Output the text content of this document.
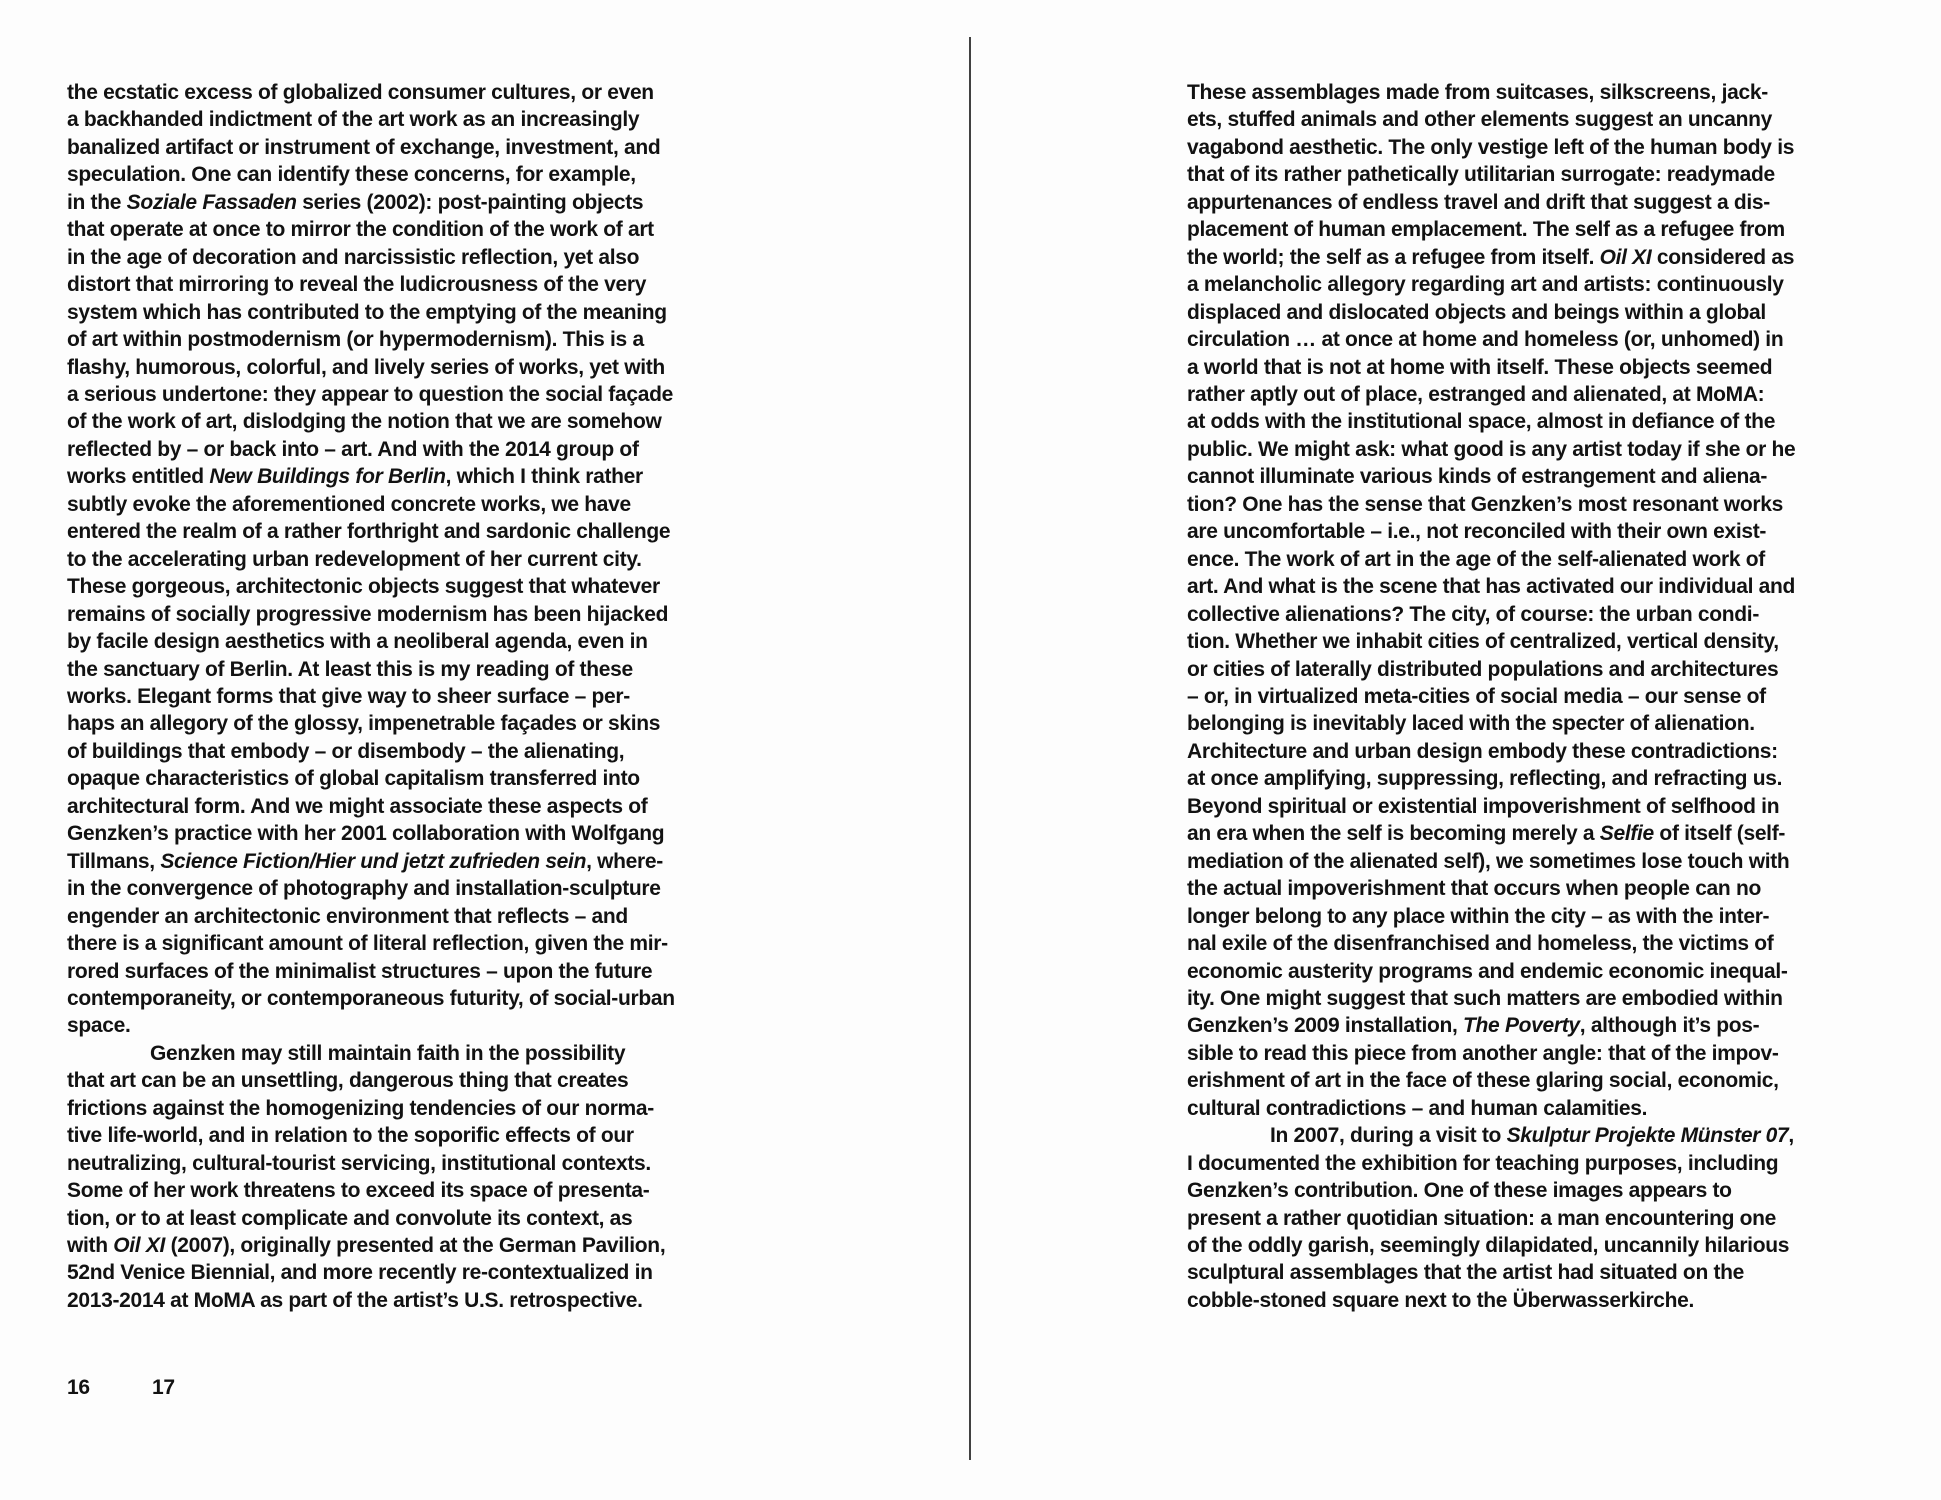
the ecstatic excess of globalized consumer cultures, or even
a backhanded indictment of the art work as an increasingly
banalized artifact or instrument of exchange, investment, and
speculation. One can identify these concerns, for example,
in the Soziale Fassaden series (2002): post-painting objects
that operate at once to mirror the condition of the work of art
in the age of decoration and narcissistic reflection, yet also
distort that mirroring to reveal the ludicrousness of the very
system which has contributed to the emptying of the meaning
of art within postmodernism (or hypermodernism). This is a
flashy, humorous, colorful, and lively series of works, yet with
a serious undertone: they appear to question the social façade
of the work of art, dislodging the notion that we are somehow
reflected by – or back into – art. And with the 2014 group of
works entitled New Buildings for Berlin, which I think rather
subtly evoke the aforementioned concrete works, we have
entered the realm of a rather forthright and sardonic challenge
to the accelerating urban redevelopment of her current city.
These gorgeous, architectonic objects suggest that whatever
remains of socially progressive modernism has been hijacked
by facile design aesthetics with a neoliberal agenda, even in
the sanctuary of Berlin. At least this is my reading of these
works. Elegant forms that give way to sheer surface – per-
haps an allegory of the glossy, impenetrable façades or skins
of buildings that embody – or disembody – the alienating,
opaque characteristics of global capitalism transferred into
architectural form. And we might associate these aspects of
Genzken’s practice with her 2001 collaboration with Wolfgang
Tillmans, Science Fiction/Hier und jetzt zufrieden sein, where-
in the convergence of photography and installation-sculpture
engender an architectonic environment that reflects – and
there is a significant amount of literal reflection, given the mir-
rored surfaces of the minimalist structures – upon the future
contemporaneity, or contemporaneous futurity, of social-urban
space.
Genzken may still maintain faith in the possibility
that art can be an unsettling, dangerous thing that creates
frictions against the homogenizing tendencies of our norma-
tive life-world, and in relation to the soporific effects of our
neutralizing, cultural-tourist servicing, institutional contexts.
Some of her work threatens to exceed its space of presenta-
tion, or to at least complicate and convolute its context, as
with Oil XI (2007), originally presented at the German Pavilion,
52nd Venice Biennial, and more recently re-contextualized in
2013-2014 at MoMA as part of the artist’s U.S. retrospective.
These assemblages made from suitcases, silkscreens, jack-
ets, stuffed animals and other elements suggest an uncanny
vagabond aesthetic. The only vestige left of the human body is
that of its rather pathetically utilitarian surrogate: readymade
appurtenances of endless travel and drift that suggest a dis-
placement of human emplacement. The self as a refugee from
the world; the self as a refugee from itself. Oil XI considered as
a melancholic allegory regarding art and artists: continuously
displaced and dislocated objects and beings within a global
circulation … at once at home and homeless (or, unhomed) in
a world that is not at home with itself. These objects seemed
rather aptly out of place, estranged and alienated, at MoMA:
at odds with the institutional space, almost in defiance of the
public. We might ask: what good is any artist today if she or he
cannot illuminate various kinds of estrangement and aliena-
tion? One has the sense that Genzken’s most resonant works
are uncomfortable – i.e., not reconciled with their own exist-
ence. The work of art in the age of the self-alienated work of
art. And what is the scene that has activated our individual and
collective alienations? The city, of course: the urban condi-
tion. Whether we inhabit cities of centralized, vertical density,
or cities of laterally distributed populations and architectures
– or, in virtualized meta-cities of social media – our sense of
belonging is inevitably laced with the specter of alienation.
Architecture and urban design embody these contradictions:
at once amplifying, suppressing, reflecting, and refracting us.
Beyond spiritual or existential impoverishment of selfhood in
an era when the self is becoming merely a Selfie of itself (self-
mediation of the alienated self), we sometimes lose touch with
the actual impoverishment that occurs when people can no
longer belong to any place within the city – as with the inter-
nal exile of the disenfranchised and homeless, the victims of
economic austerity programs and endemic economic inequal-
ity. One might suggest that such matters are embodied within
Genzken’s 2009 installation, The Poverty, although it’s pos-
sible to read this piece from another angle: that of the impov-
erishment of art in the face of these glaring social, economic,
cultural contradictions – and human calamities.
In 2007, during a visit to Skulptur Projekte Münster 07,
I documented the exhibition for teaching purposes, including
Genzken’s contribution. One of these images appears to
present a rather quotidian situation: a man encountering one
of the oddly garish, seemingly dilapidated, uncannily hilarious
sculptural assemblages that the artist had situated on the
cobble-stoned square next to the Überwasserkirche.
16	17
